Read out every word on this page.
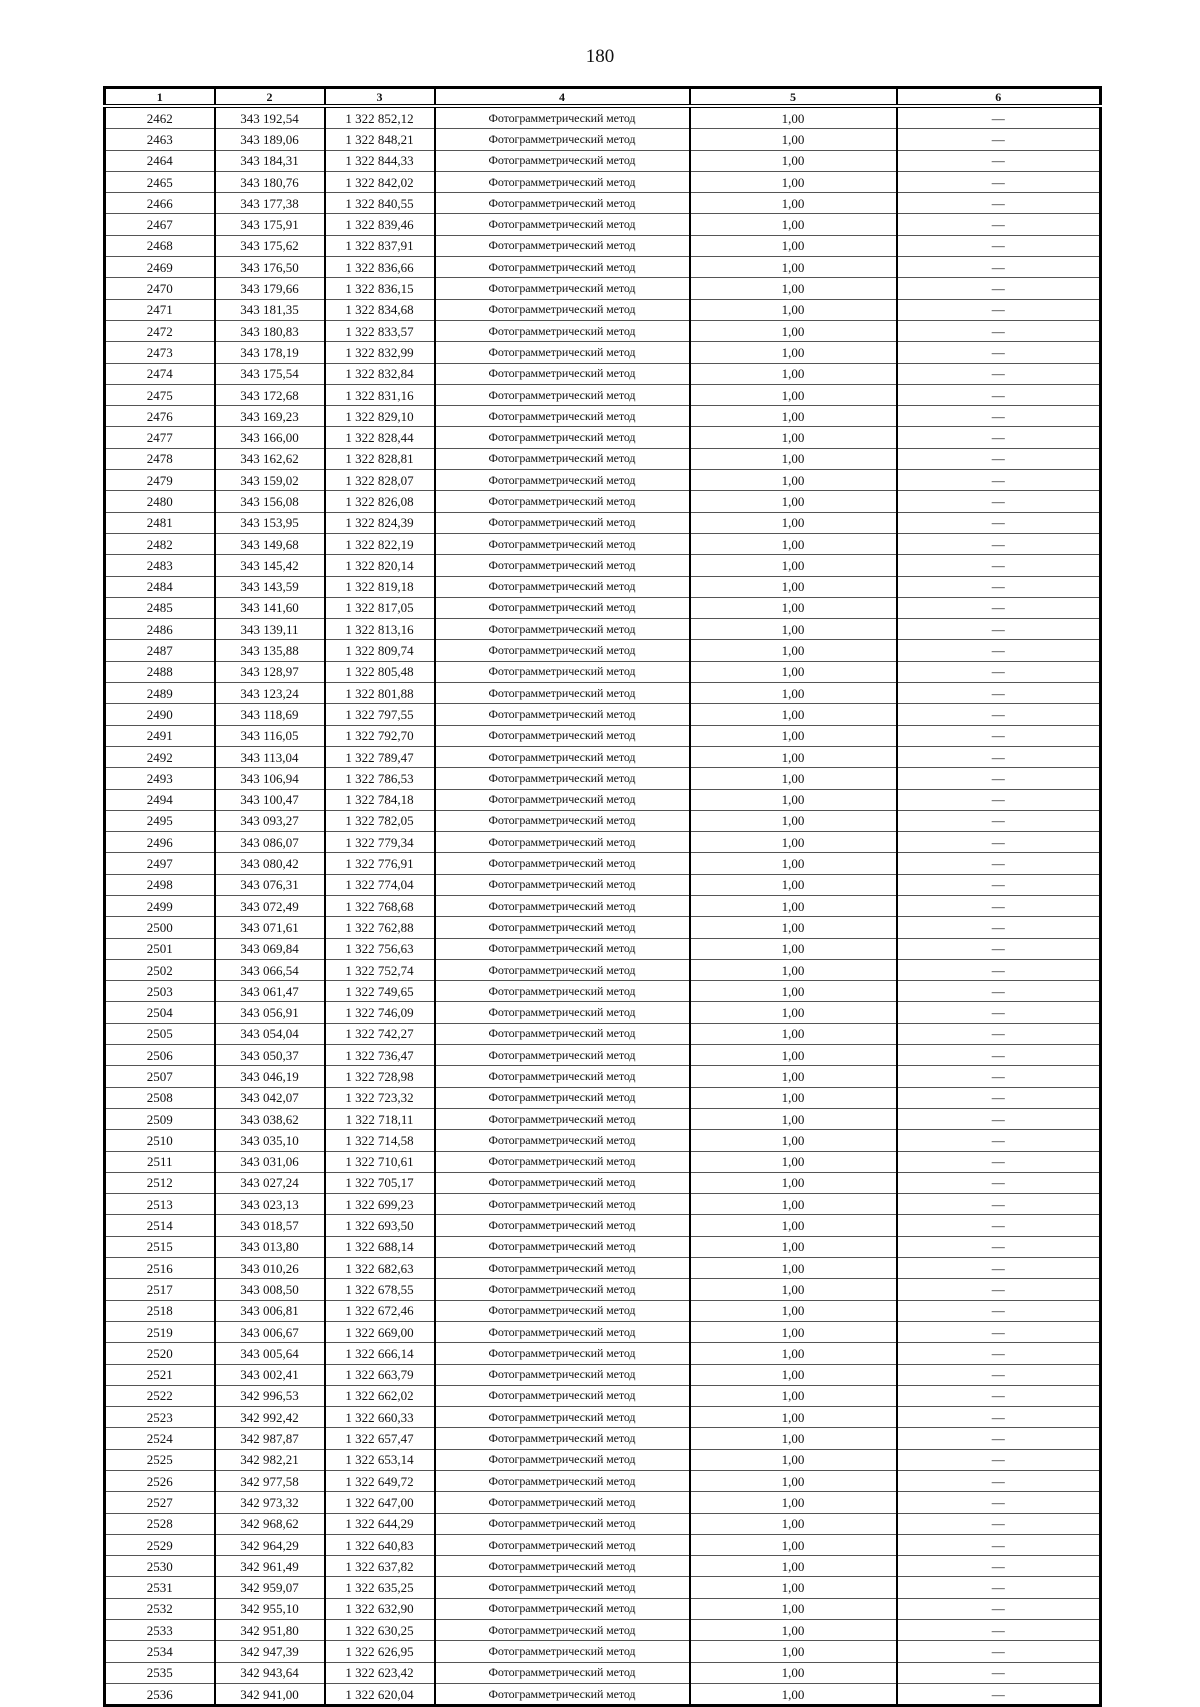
180
1	2	3	4	5	6
2462	343 192,54	1 322 852,12	Фотограмметрический метод	1,00	—
2463	343 189,06	1 322 848,21	Фотограмметрический метод	1,00	—
2464	343 184,31	1 322 844,33	Фотограмметрический метод	1,00	—
2465	343 180,76	1 322 842,02	Фотограмметрический метод	1,00	—
2466	343 177,38	1 322 840,55	Фотограмметрический метод	1,00	—
2467	343 175,91	1 322 839,46	Фотограмметрический метод	1,00	—
2468	343 175,62	1 322 837,91	Фотограмметрический метод	1,00	—
2469	343 176,50	1 322 836,66	Фотограмметрический метод	1,00	—
2470	343 179,66	1 322 836,15	Фотограмметрический метод	1,00	—
2471	343 181,35	1 322 834,68	Фотограмметрический метод	1,00	—
2472	343 180,83	1 322 833,57	Фотограмметрический метод	1,00	—
2473	343 178,19	1 322 832,99	Фотограмметрический метод	1,00	—
2474	343 175,54	1 322 832,84	Фотограмметрический метод	1,00	—
2475	343 172,68	1 322 831,16	Фотограмметрический метод	1,00	—
2476	343 169,23	1 322 829,10	Фотограмметрический метод	1,00	—
2477	343 166,00	1 322 828,44	Фотограмметрический метод	1,00	—
2478	343 162,62	1 322 828,81	Фотограмметрический метод	1,00	—
2479	343 159,02	1 322 828,07	Фотограмметрический метод	1,00	—
2480	343 156,08	1 322 826,08	Фотограмметрический метод	1,00	—
2481	343 153,95	1 322 824,39	Фотограмметрический метод	1,00	—
2482	343 149,68	1 322 822,19	Фотограмметрический метод	1,00	—
2483	343 145,42	1 322 820,14	Фотограмметрический метод	1,00	—
2484	343 143,59	1 322 819,18	Фотограмметрический метод	1,00	—
2485	343 141,60	1 322 817,05	Фотограмметрический метод	1,00	—
2486	343 139,11	1 322 813,16	Фотограмметрический метод	1,00	—
2487	343 135,88	1 322 809,74	Фотограмметрический метод	1,00	—
2488	343 128,97	1 322 805,48	Фотограмметрический метод	1,00	—
2489	343 123,24	1 322 801,88	Фотограмметрический метод	1,00	—
2490	343 118,69	1 322 797,55	Фотограмметрический метод	1,00	—
2491	343 116,05	1 322 792,70	Фотограмметрический метод	1,00	—
2492	343 113,04	1 322 789,47	Фотограмметрический метод	1,00	—
2493	343 106,94	1 322 786,53	Фотограмметрический метод	1,00	—
2494	343 100,47	1 322 784,18	Фотограмметрический метод	1,00	—
2495	343 093,27	1 322 782,05	Фотограмметрический метод	1,00	—
2496	343 086,07	1 322 779,34	Фотограмметрический метод	1,00	—
2497	343 080,42	1 322 776,91	Фотограмметрический метод	1,00	—
2498	343 076,31	1 322 774,04	Фотограмметрический метод	1,00	—
2499	343 072,49	1 322 768,68	Фотограмметрический метод	1,00	—
2500	343 071,61	1 322 762,88	Фотограмметрический метод	1,00	—
2501	343 069,84	1 322 756,63	Фотограмметрический метод	1,00	—
2502	343 066,54	1 322 752,74	Фотограмметрический метод	1,00	—
2503	343 061,47	1 322 749,65	Фотограмметрический метод	1,00	—
2504	343 056,91	1 322 746,09	Фотограмметрический метод	1,00	—
2505	343 054,04	1 322 742,27	Фотограмметрический метод	1,00	—
2506	343 050,37	1 322 736,47	Фотограмметрический метод	1,00	—
2507	343 046,19	1 322 728,98	Фотограмметрический метод	1,00	—
2508	343 042,07	1 322 723,32	Фотограмметрический метод	1,00	—
2509	343 038,62	1 322 718,11	Фотограмметрический метод	1,00	—
2510	343 035,10	1 322 714,58	Фотограмметрический метод	1,00	—
2511	343 031,06	1 322 710,61	Фотограмметрический метод	1,00	—
2512	343 027,24	1 322 705,17	Фотограмметрический метод	1,00	—
2513	343 023,13	1 322 699,23	Фотограмметрический метод	1,00	—
2514	343 018,57	1 322 693,50	Фотограмметрический метод	1,00	—
2515	343 013,80	1 322 688,14	Фотограмметрический метод	1,00	—
2516	343 010,26	1 322 682,63	Фотограмметрический метод	1,00	—
2517	343 008,50	1 322 678,55	Фотограмметрический метод	1,00	—
2518	343 006,81	1 322 672,46	Фотограмметрический метод	1,00	—
2519	343 006,67	1 322 669,00	Фотограмметрический метод	1,00	—
2520	343 005,64	1 322 666,14	Фотограмметрический метод	1,00	—
2521	343 002,41	1 322 663,79	Фотограмметрический метод	1,00	—
2522	342 996,53	1 322 662,02	Фотограмметрический метод	1,00	—
2523	342 992,42	1 322 660,33	Фотограмметрический метод	1,00	—
2524	342 987,87	1 322 657,47	Фотограмметрический метод	1,00	—
2525	342 982,21	1 322 653,14	Фотограмметрический метод	1,00	—
2526	342 977,58	1 322 649,72	Фотограмметрический метод	1,00	—
2527	342 973,32	1 322 647,00	Фотограмметрический метод	1,00	—
2528	342 968,62	1 322 644,29	Фотограмметрический метод	1,00	—
2529	342 964,29	1 322 640,83	Фотограмметрический метод	1,00	—
2530	342 961,49	1 322 637,82	Фотограмметрический метод	1,00	—
2531	342 959,07	1 322 635,25	Фотограмметрический метод	1,00	—
2532	342 955,10	1 322 632,90	Фотограмметрический метод	1,00	—
2533	342 951,80	1 322 630,25	Фотограмметрический метод	1,00	—
2534	342 947,39	1 322 626,95	Фотограмметрический метод	1,00	—
2535	342 943,64	1 322 623,42	Фотограмметрический метод	1,00	—
2536	342 941,00	1 322 620,04	Фотограмметрический метод	1,00	—
